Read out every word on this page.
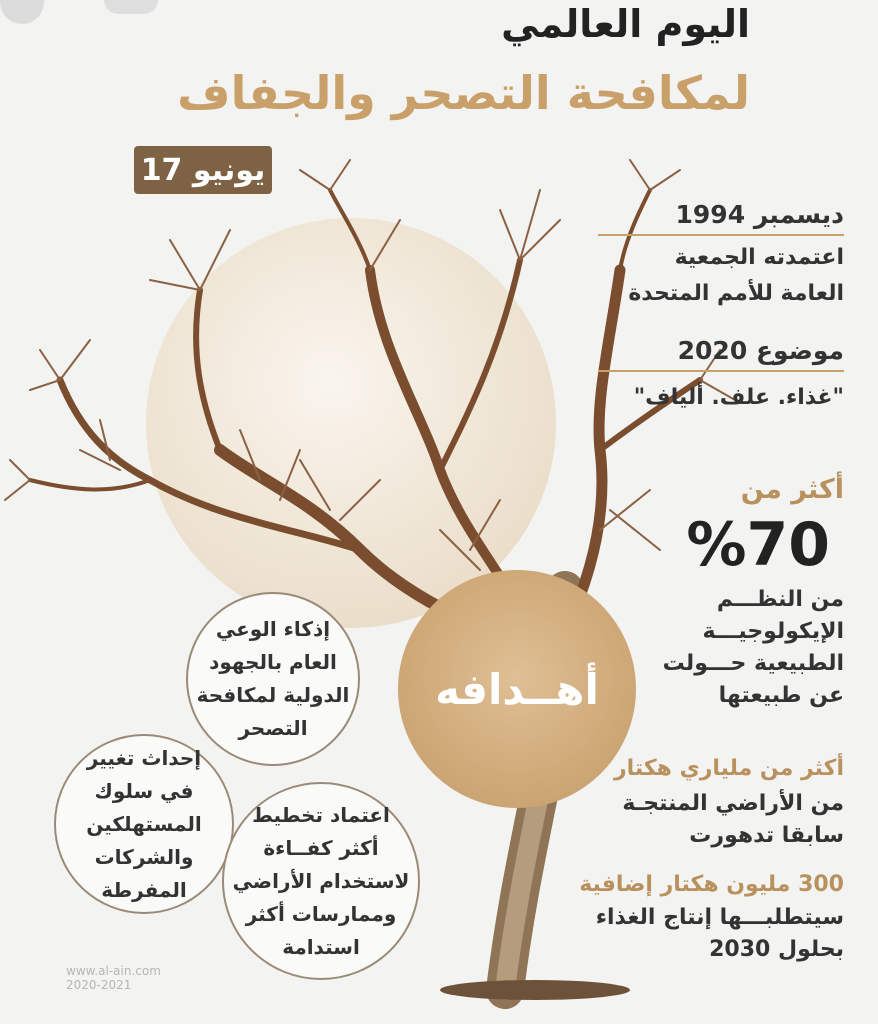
اليوم العالمي
لمكافحة التصحر والجفاف
17 يونيو
ديسمبر 1994
اعتمدته الجمعية
العامة للأمم المتحدة
موضوع 2020
"غذاء. علف. ألياف"
أكثر من
%70
من النظـــم
الإيكولوجيـــة
الطبيعية حـــولت
عن طبيعتها
أكثر من ملياري هكتار
من الأراضي المنتجـة
سابقا تدهورت
300 مليون هكتار إضافية
سيتطلبـــها إنتاج الغذاء
بحلول 2030
أهــدافه
إذكاء الوعي
العام بالجهود
الدولية لمكافحة
التصحر
إحداث تغيير
في سلوك
المستهلكين
والشركات
المفرطة
اعتماد تخطيط
أكثر كفــاءة
لاستخدام الأراضي
وممارسات أكثر
استدامة
www.al-ain.com
2020-2021
